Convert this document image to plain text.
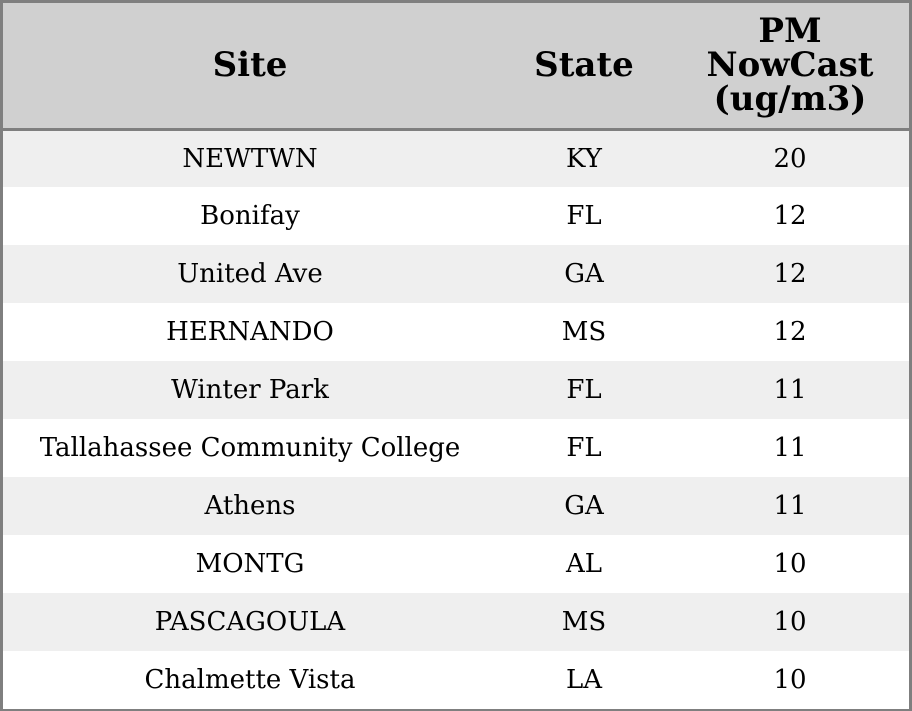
Site	State	PM
NowCast
(ug/m3)

NEWTWN	KY	20
Bonifay	FL	12
United Ave	GA	12
HERNANDO	MS	12
Winter Park	FL	11
Tallahassee Community College	FL	11
Athens	GA	11
MONTG	AL	10
PASCAGOULA	MS	10
Chalmette Vista	LA	10
